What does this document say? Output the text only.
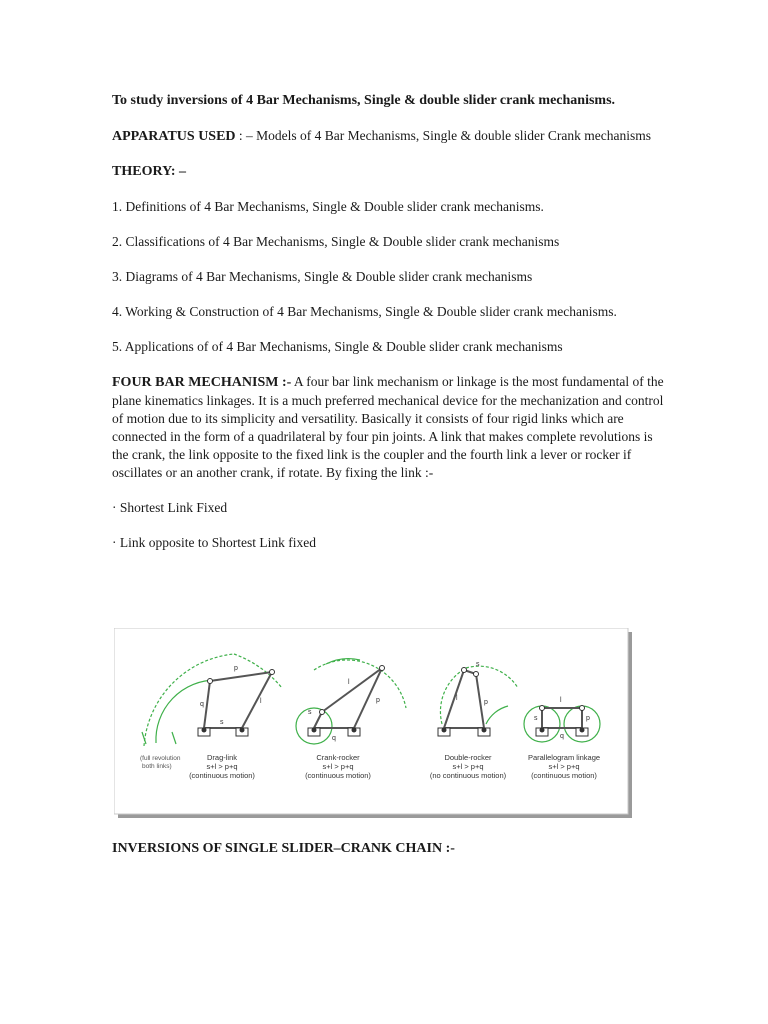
To study inversions of 4 Bar Mechanisms, Single & double slider crank mechanisms.
APPARATUS USED : – Models of 4 Bar Mechanisms, Single & double slider Crank mechanisms
THEORY: –
1. Definitions of 4 Bar Mechanisms, Single & Double slider crank mechanisms.
2. Classifications of 4 Bar Mechanisms, Single & Double slider crank mechanisms
3. Diagrams of 4 Bar Mechanisms, Single & Double slider crank mechanisms
4. Working & Construction of 4 Bar Mechanisms, Single & Double slider crank mechanisms.
5. Applications of of 4 Bar Mechanisms, Single & Double slider crank mechanisms
FOUR BAR MECHANISM :- A four bar link mechanism or linkage is the most fundamental of the plane kinematics linkages. It is a much preferred mechanical device for the mechanization and control of motion due to its simplicity and versatility. Basically it consists of four rigid links which are connected in the form of a quadrilateral by four pin joints. A link that makes complete revolutions is the crank, the link opposite to the fixed link is the coupler and the fourth link a lever or rocker if oscillates or an another crank, if rotate. By fixing the link :-
· Shortest Link Fixed
· Link opposite to Shortest Link fixed
p
q	l
s
(full revolution
both links)
Drag-link
s+l > p+q
(continuous motion)
s
l
p
q
Crank-rocker
s+l > p+q
(continuous motion)
s
l
p
Double-rocker
s+l > p+q
(no continuous motion)
l
s	p
q
Parallelogram linkage
s+l > p+q
(continuous motion)
INVERSIONS OF SINGLE SLIDER–CRANK CHAIN :-
